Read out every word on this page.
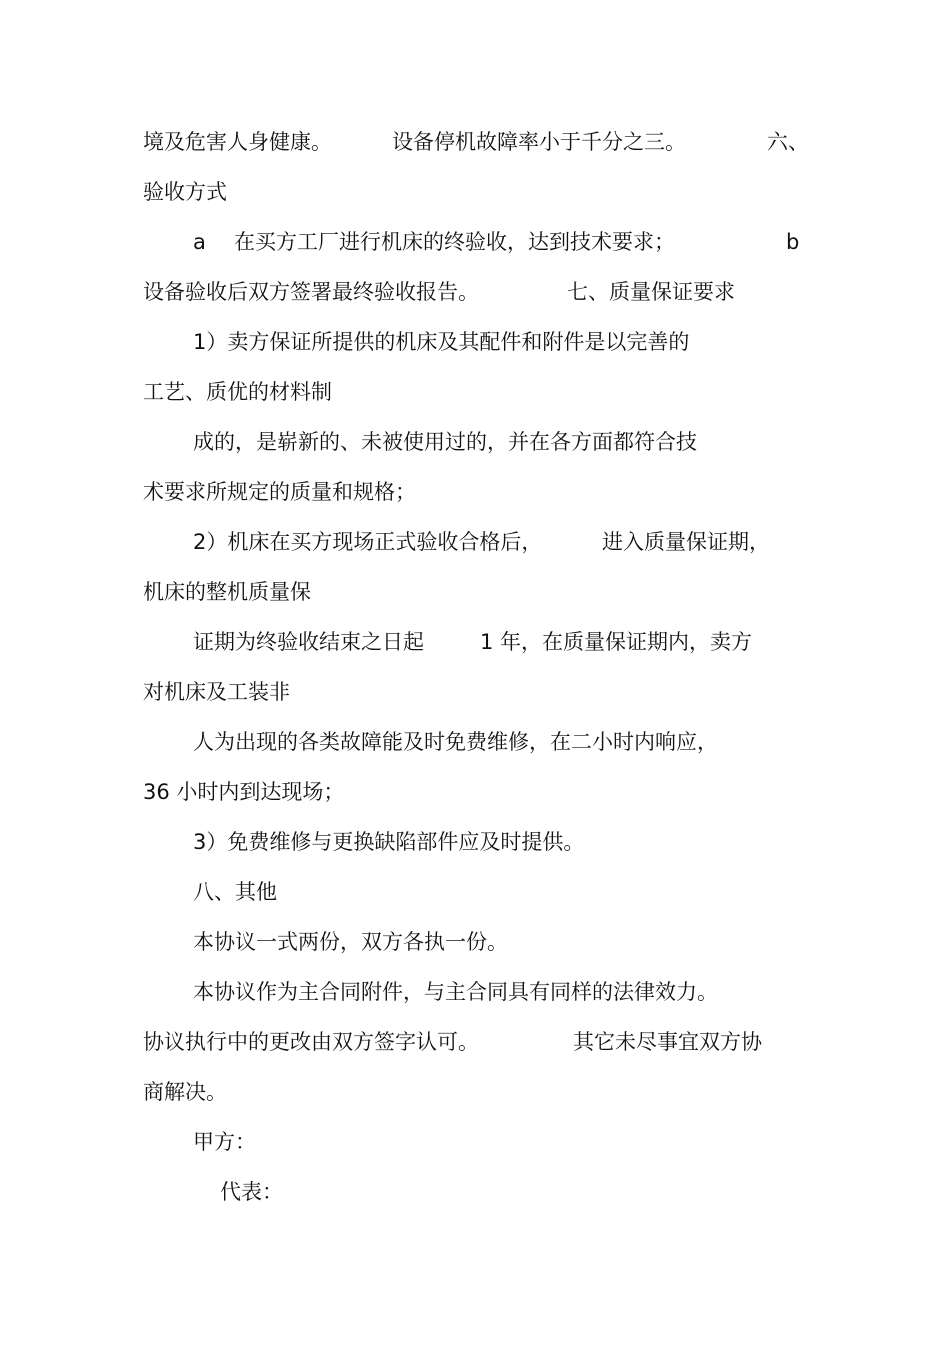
境及危害人身健康。	设备停机故障率小于千分之三。	六、
验收方式
a 在买方工厂进行机床的终验收，达到技术要求；	b
设备验收后双方签署最终验收报告。	七、质量保证要求
1）卖方保证所提供的机床及其配件和附件是以完善的
工艺、质优的材料制
成的，是崭新的、未被使用过的，并在各方面都符合技
术要求所规定的质量和规格；
2）机床在买方现场正式验收合格后，	进入质量保证期，
机床的整机质量保
证期为终验收结束之日起	1 年，在质量保证期内，卖方
对机床及工装非
人为出现的各类故障能及时免费维修，在二小时内响应，
36 小时内到达现场；
3）免费维修与更换缺陷部件应及时提供。
八、其他
本协议一式两份，双方各执一份。
本协议作为主合同附件，与主合同具有同样的法律效力。
协议执行中的更改由双方签字认可。	其它未尽事宜双方协
商解决。
甲方：
代表：
